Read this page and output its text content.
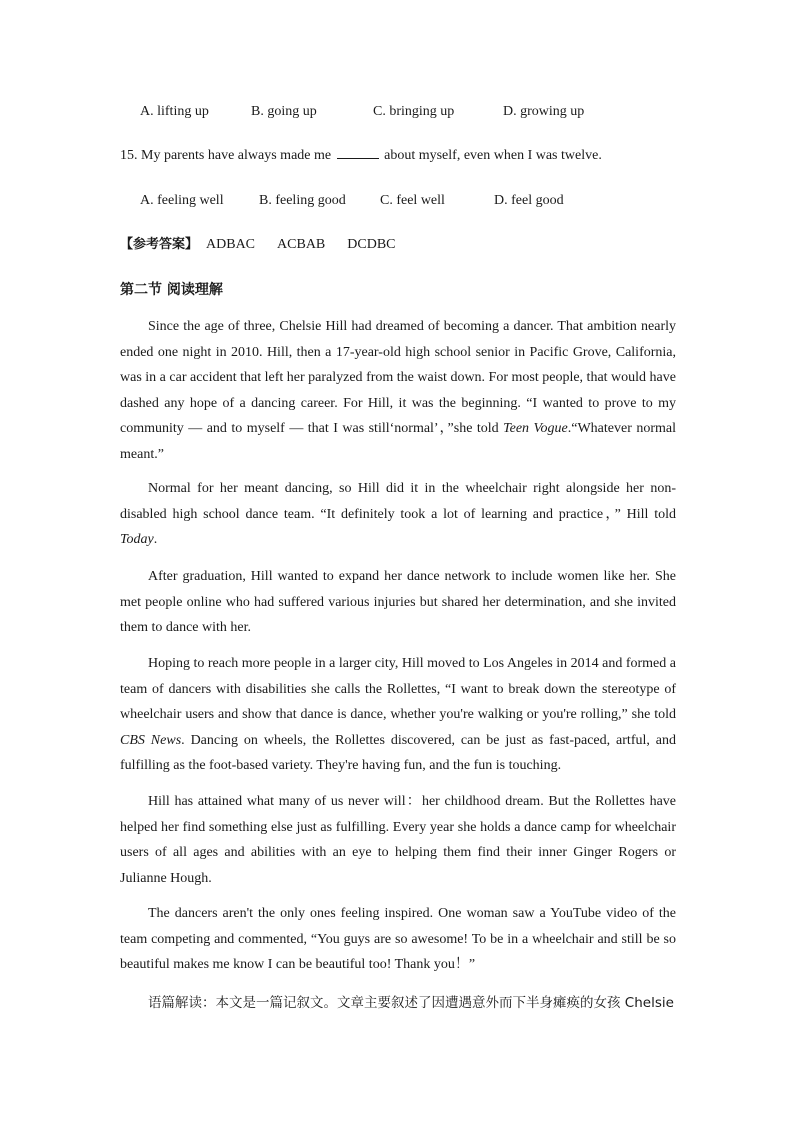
A. lifting up	B. going up	C. bringing up	D. growing up
15. My parents have always made me	about myself, even when I was twelve.
A. feeling well	B. feeling good C. feel well	D. feel good
【参考答案】 ADBAC ACBAB DCDBC
第二节 阅读理解

Since the age of three, Chelsie Hill had dreamed of becoming a dancer. That ambition nearly ended one night in 2010. Hill, then a 17-year-old high school senior in Pacific Grove, California, was in a car accident that left her paralyzed from the waist down. For most people, that would have dashed any hope of a dancing career. For Hill, it was the beginning. “I wanted to prove to my community — and to myself — that I was still‘normal’，”she told Teen Vogue.“Whatever normal meant.”

Normal for her meant dancing, so Hill did it in the wheelchair right alongside her non-disabled high school dance team. “It definitely took a lot of learning and practice，” Hill told Today.

After graduation, Hill wanted to expand her dance network to include women like her. She met people online who had suffered various injuries but shared her determination, and she invited them to dance with her.

Hoping to reach more people in a larger city, Hill moved to Los Angeles in 2014 and formed a team of dancers with disabilities she calls the Rollettes, “I want to break down the stereotype of wheelchair users and show that dance is dance, whether you're walking or you're rolling,” she told CBS News. Dancing on wheels, the Rollettes discovered, can be just as fast-paced, artful, and fulfilling as the foot-based variety. They're having fun, and the fun is touching.

Hill has attained what many of us never will：her childhood dream. But the Rollettes have helped her find something else just as fulfilling. Every year she holds a dance camp for wheelchair users of all ages and abilities with an eye to helping them find their inner Ginger Rogers or Julianne Hough.

The dancers aren't the only ones feeling inspired. One woman saw a YouTube video of the team competing and commented, “You guys are so awesome! To be in a wheelchair and still be so beautiful makes me know I can be beautiful too! Thank you！”

语篇解读：本文是一篇记叙文。文章主要叙述了因遭遇意外而下半身瘫痪的女孩 Chelsie
